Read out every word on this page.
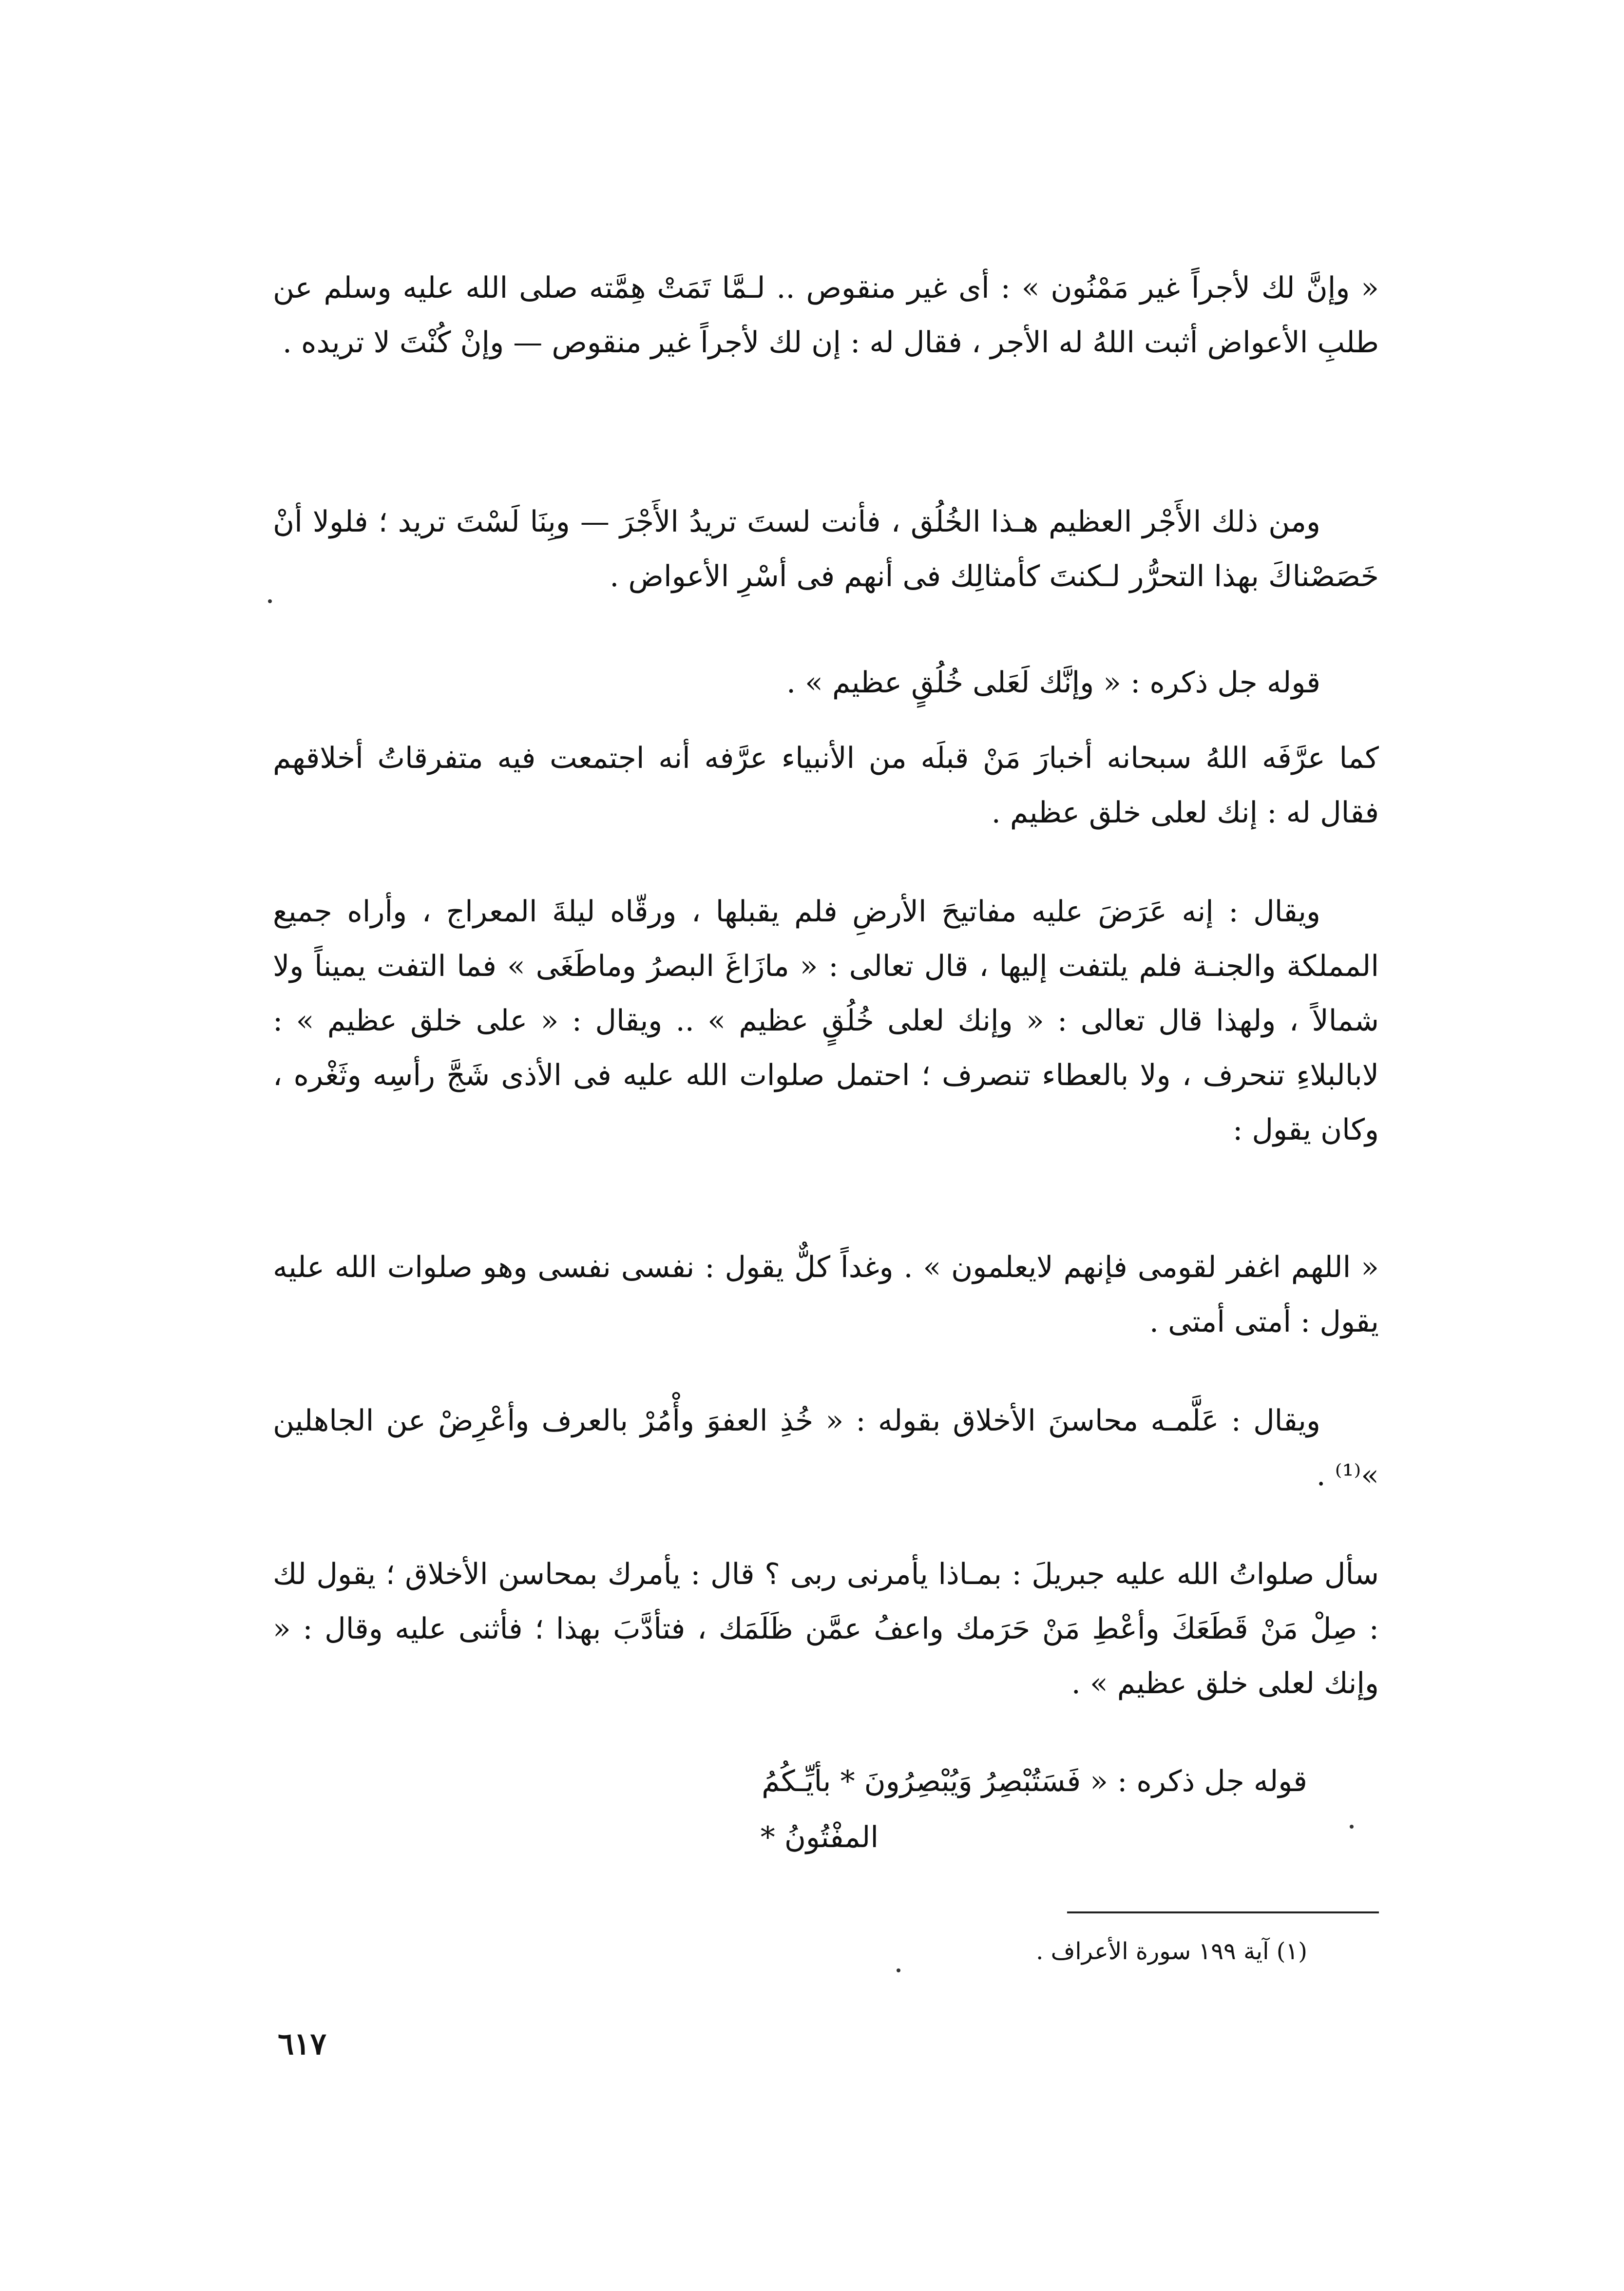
« وإنَّ لك لأجراً غير مَمْنُون » : أى غير منقوص .. لـمَّا تَمَتْ هِمَّته صلى الله عليه وسلم عن طلبِ الأعواض أثبت اللهُ له الأجر ، فقال له : إن لك لأجراً غير منقوص — وإنْ كُنْتَ لا تريده .
ومن ذلك الأَجْر العظيم هـذا الخُلُق ، فأنت لستَ تريدُ الأَجْرَ — وبِنَا لَسْتَ تريد ؛ فلولا أنْ خَصَصْناكَ بهذا التحرُّر لـكنتَ كأمثالِك فى أنهم فى أسْرِ الأعواض .
قوله جل ذكره : « وإنَّك لَعَلى خُلُقٍ عظيم » .
كما عرَّفَه اللهُ سبحانه أخبارَ مَنْ قبلَه من الأنبياء عرَّفه أنه اجتمعت فيه متفرقاتُ أخلاقهم فقال له : إنك لعلى خلق عظيم .
ويقال : إنه عَرَضَ عليه مفاتيحَ الأرضِ فلم يقبلها ، ورقّاه ليلةَ المعراج ، وأراه جميع المملكة والجنـة فلم يلتفت إليها ، قال تعالى : « مازَاغَ البصرُ وماطَغَى » فما التفت يميناً ولا شمالاً ، ولهذا قال تعالى : « وإنك لعلى خُلُقٍ عظيم » .. ويقال : « على خلق عظيم » : لابالبلاءِ تنحرف ، ولا بالعطاء تنصرف ؛ احتمل صلوات الله عليه فى الأذى شَجَّ رأسِه وثَغْره ، وكان يقول :
« اللهم اغفر لقومى فإنهم لايعلمون » . وغداً كلٌّ يقول : نفسى نفسى وهو صلوات الله عليه يقول : أمتى أمتى .
ويقال : عَلَّمـه محاسنَ الأخلاق بقوله : « خُذِ العفوَ وأْمُرْ بالعرف وأعْرِضْ عن الجاهلين »⁽¹⁾ .
سأل صلواتُ الله عليه جبريلَ : بمـاذا يأمرنى ربى ؟ قال : يأمرك بمحاسن الأخلاق ؛ يقول لك : صِلْ مَنْ قَطَعَكَ وأعْطِ مَنْ حَرَمك واعفُ عمَّن ظَلَمَك ، فتأدَّبَ بهذا ؛ فأثنى عليه وقال : « وإنك لعلى خلق عظيم » .
قوله جل ذكره : « فَسَتُبْصِرُ وَيُبْصِرُونَ * بأيِّـكُمُ
المفْتُونُ *
(١) آية ١٩٩ سورة الأعراف .
٦١٧
